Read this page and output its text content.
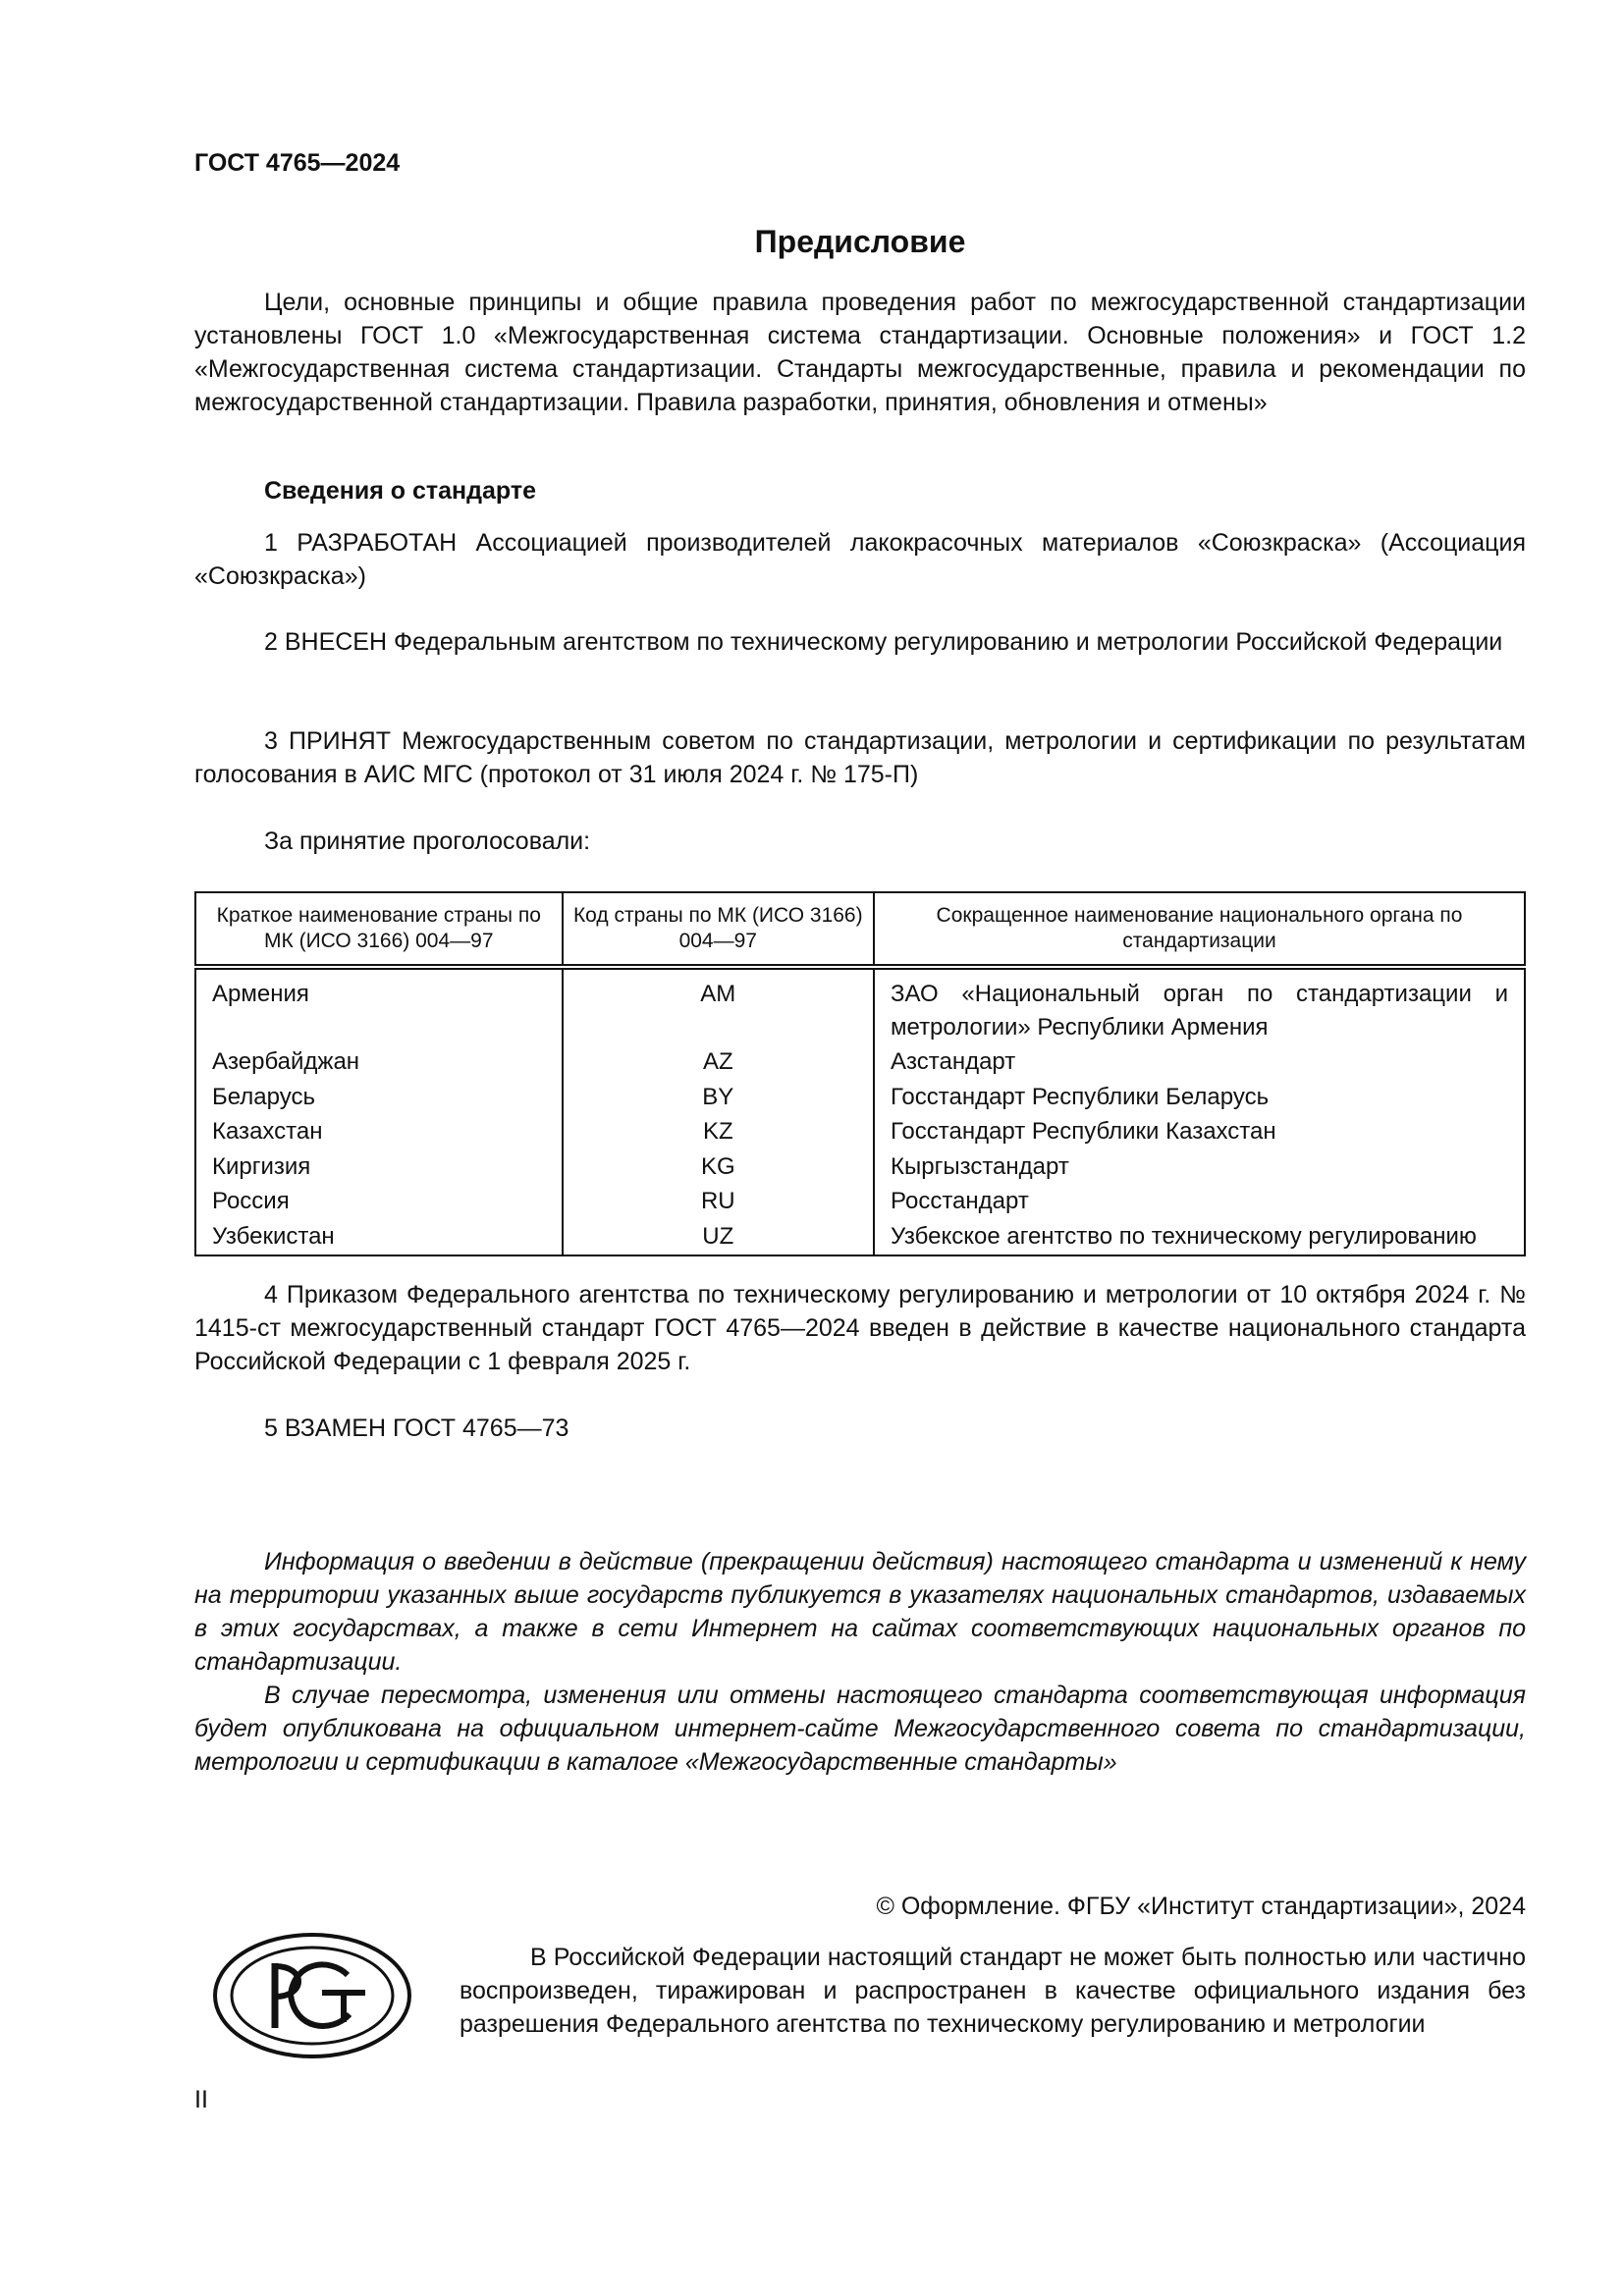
ГОСТ 4765—2024
Предисловие
Цели, основные принципы и общие правила проведения работ по межгосударственной стандартизации установлены ГОСТ 1.0 «Межгосударственная система стандартизации. Основные положения» и ГОСТ 1.2 «Межгосударственная система стандартизации. Стандарты межгосударственные, правила и рекомендации по межгосударственной стандартизации. Правила разработки, принятия, обновления и отмены»
Сведения о стандарте
1 РАЗРАБОТАН Ассоциацией производителей лакокрасочных материалов «Союзкраска» (Ассоциация «Союзкраска»)
2 ВНЕСЕН Федеральным агентством по техническому регулированию и метрологии Российской Федерации
3 ПРИНЯТ Межгосударственным советом по стандартизации, метрологии и сертификации по результатам голосования в АИС МГС (протокол от 31 июля 2024 г. № 175-П)
За принятие проголосовали:
Краткое наименование страны по МК (ИСО 3166) 004—97	Код страны по МК (ИСО 3166) 004—97	Сокращенное наименование национального органа по стандартизации
Армения	AM	ЗАО «Национальный орган по стандартизации и метрологии» Республики Армения
Азербайджан	AZ	Азстандарт
Беларусь	BY	Госстандарт Республики Беларусь
Казахстан	KZ	Госстандарт Республики Казахстан
Киргизия	KG	Кыргызстандарт
Россия	RU	Росстандарт
Узбекистан	UZ	Узбекское агентство по техническому регулированию
4 Приказом Федерального агентства по техническому регулированию и метрологии от 10 октября 2024 г. № 1415-ст межгосударственный стандарт ГОСТ 4765—2024 введен в действие в качестве национального стандарта Российской Федерации с 1 февраля 2025 г.
5 ВЗАМЕН ГОСТ 4765—73
Информация о введении в действие (прекращении действия) настоящего стандарта и изменений к нему на территории указанных выше государств публикуется в указателях национальных стандартов, издаваемых в этих государствах, а также в сети Интернет на сайтах соответствующих национальных органов по стандартизации.
В случае пересмотра, изменения или отмены настоящего стандарта соответствующая информация будет опубликована на официальном интернет-сайте Межгосударственного совета по стандартизации, метрологии и сертификации в каталоге «Межгосударственные стандарты»
© Оформление. ФГБУ «Институт стандартизации», 2024
В Российской Федерации настоящий стандарт не может быть полностью или частично воспроизведен, тиражирован и распространен в качестве официального издания без разрешения Федерального агентства по техническому регулированию и метрологии
II
